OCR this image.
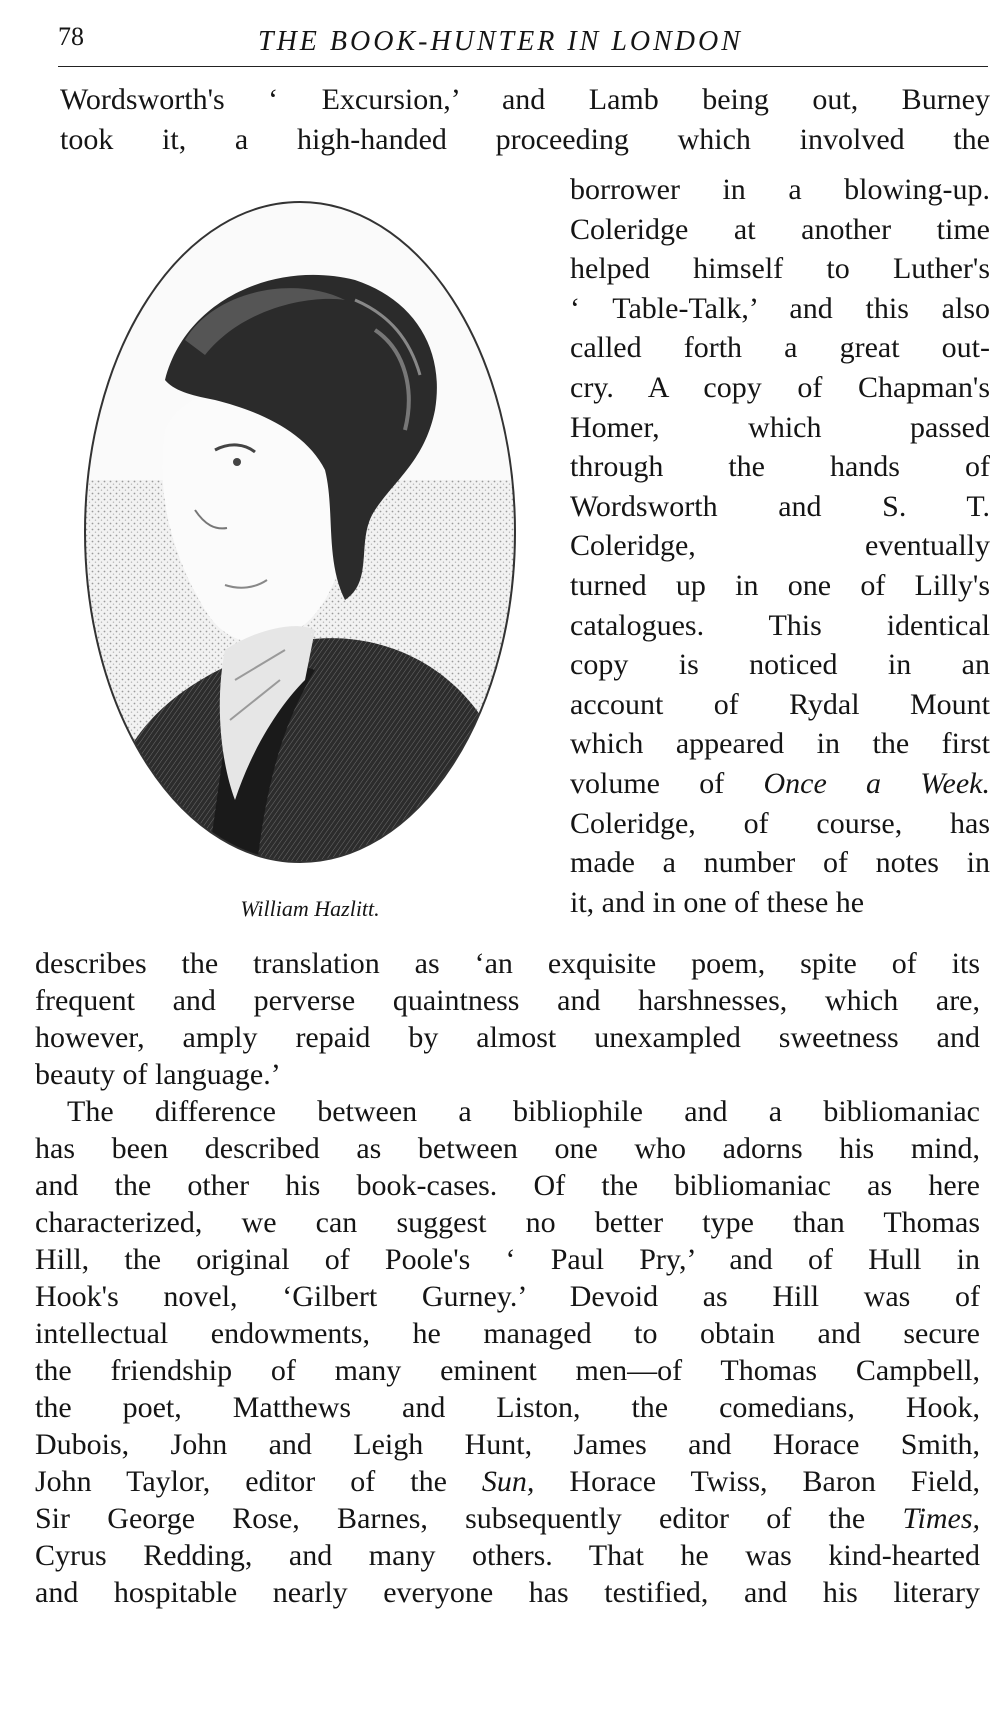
78	THE BOOK-HUNTER IN LONDON
Wordsworth's ‘ Excursion,’ and Lamb being out, Burney
took it, a high-handed proceeding which involved the
William Hazlitt.
borrower in a blowing-up.
Coleridge at another time
helped himself to Luther's
‘ Table-Talk,’ and this also
called forth a great out-
cry. A copy of Chapman's
Homer, which passed
through the hands of
Wordsworth and S. T.
Coleridge, eventually
turned up in one of Lilly's
catalogues. This identical
copy is noticed in an
account of Rydal Mount
which appeared in the first
volume of Once a Week.
Coleridge, of course, has
made a number of notes in
it, and in one of these he
describes the translation as ‘an exquisite poem, spite of its
frequent and perverse quaintness and harshnesses, which are,
however, amply repaid by almost unexampled sweetness and
beauty of language.’
The difference between a bibliophile and a bibliomaniac
has been described as between one who adorns his mind,
and the other his book-cases. Of the bibliomaniac as here
characterized, we can suggest no better type than Thomas
Hill, the original of Poole's ‘ Paul Pry,’ and of Hull in
Hook's novel, ‘Gilbert Gurney.’ Devoid as Hill was of
intellectual endowments, he managed to obtain and secure
the friendship of many eminent men—of Thomas Campbell,
the poet, Matthews and Liston, the comedians, Hook,
Dubois, John and Leigh Hunt, James and Horace Smith,
John Taylor, editor of the Sun, Horace Twiss, Baron Field,
Sir George Rose, Barnes, subsequently editor of the Times,
Cyrus Redding, and many others. That he was kind-hearted
and hospitable nearly everyone has testified, and his literary
